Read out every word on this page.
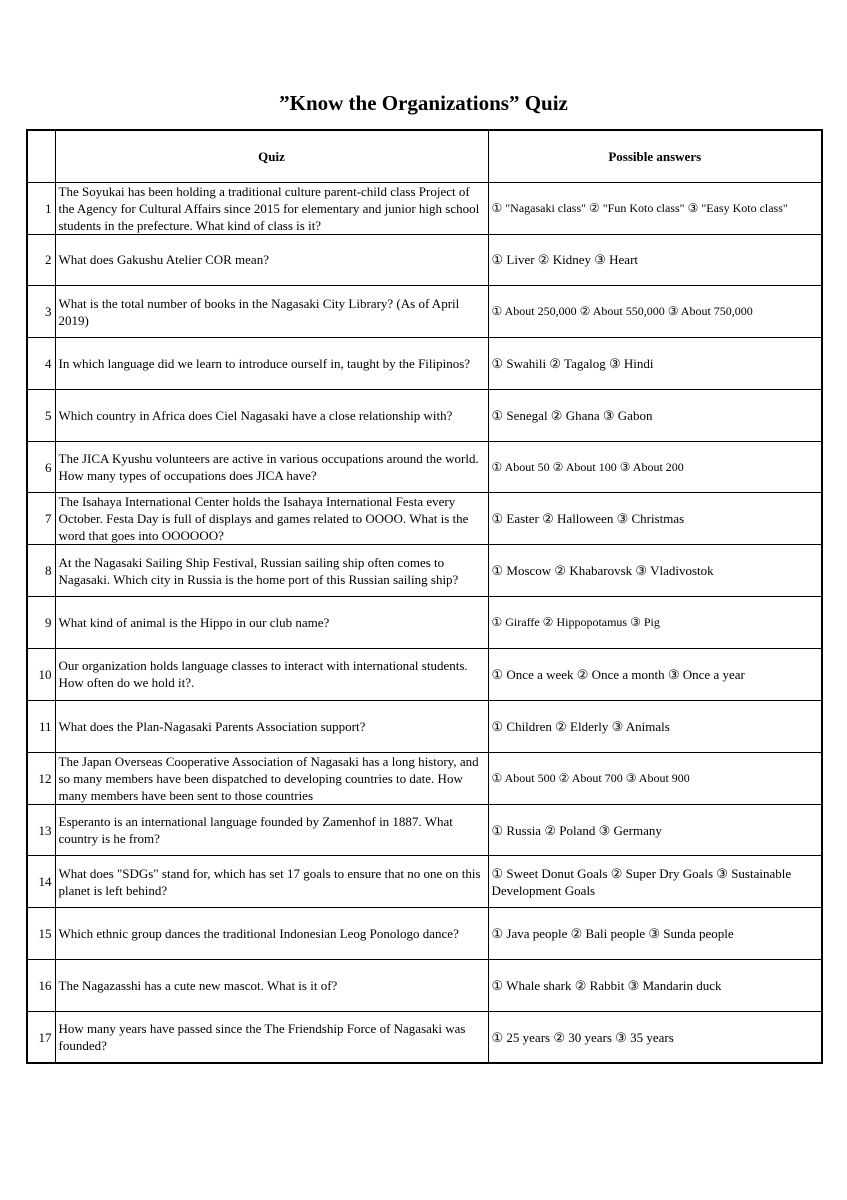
”Know the Organizations” Quiz
	Quiz	Possible answers
1	The Soyukai has been holding a traditional culture parent-child class Project of the Agency for Cultural Affairs since 2015 for elementary and junior high school students in the prefecture. What kind of class is it?	① "Nagasaki class" ② "Fun Koto class" ③ "Easy Koto class"
2	What does Gakushu Atelier COR mean?	① Liver ② Kidney ③ Heart
3	What is the total number of books in the Nagasaki City Library? (As of April 2019)	① About 250,000 ② About 550,000 ③ About 750,000
4	In which language did we learn to introduce ourself in, taught by the Filipinos?	① Swahili ② Tagalog ③ Hindi
5	Which country in Africa does Ciel Nagasaki have a close relationship with?	① Senegal ② Ghana ③ Gabon
6	The JICA Kyushu volunteers are active in various occupations around the world. How many types of occupations does JICA have?	① About 50 ② About 100 ③ About 200
7	The Isahaya International Center holds the Isahaya International Festa every October. Festa Day is full of displays and games related to OOOO. What is the word that goes into OOOOOO?	① Easter ② Halloween ③ Christmas
8	At the Nagasaki Sailing Ship Festival, Russian sailing ship often comes to Nagasaki. Which city in Russia is the home port of this Russian sailing ship?	① Moscow ② Khabarovsk ③ Vladivostok
9	What kind of animal is the Hippo in our club name?	① Giraffe ② Hippopotamus ③ Pig
10	Our organization holds language classes to interact with international students. How often do we hold it?.	① Once a week ② Once a month ③ Once a year
11	What does the Plan-Nagasaki Parents Association support?	① Children ② Elderly ③ Animals
12	The Japan Overseas Cooperative Association of Nagasaki has a long history, and so many members have been dispatched to developing countries to date. How many members have been sent to those countries	① About 500 ② About 700 ③ About 900
13	Esperanto is an international language founded by Zamenhof in 1887. What country is he from?	① Russia ② Poland ③ Germany
14	What does "SDGs" stand for, which has set 17 goals to ensure that no one on this planet is left behind?	① Sweet Donut Goals ② Super Dry Goals ③ Sustainable Development Goals
15	Which ethnic group dances the traditional Indonesian Leog Ponologo dance?	① Java people ② Bali people ③ Sunda people
16	The Nagazasshi has a cute new mascot. What is it of?	① Whale shark ② Rabbit ③ Mandarin duck
17	How many years have passed since the The Friendship Force of Nagasaki was founded?	① 25 years ② 30 years ③ 35 years
